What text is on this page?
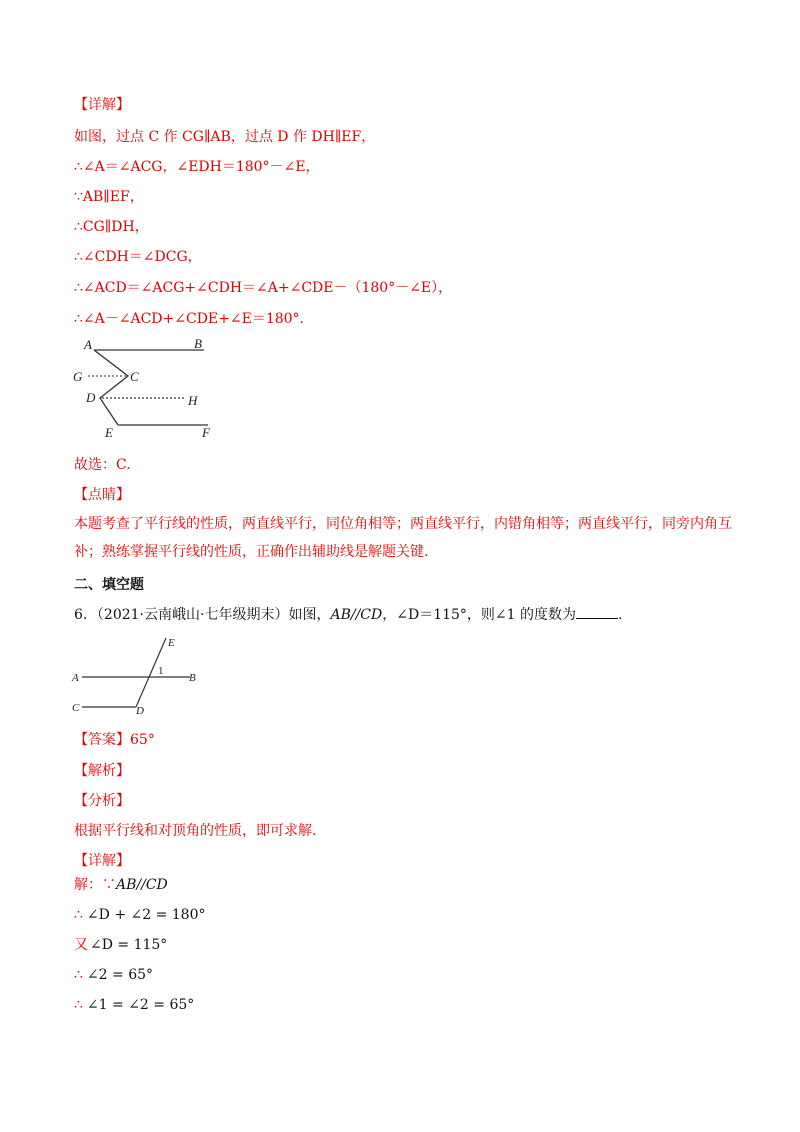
【详解】
如图，过点 C 作 CG∥AB，过点 D 作 DH∥EF，
∴∠A＝∠ACG，∠EDH＝180°－∠E，
∵AB∥EF，
∴CG∥DH，
∴∠CDH＝∠DCG，
∴∠ACD＝∠ACG+∠CDH＝∠A+∠CDE－（180°－∠E），
∴∠A－∠ACD+∠CDE+∠E＝180°.
A	B
G	C
D	H
E	F
故选：C.
【点睛】
本题考查了平行线的性质，两直线平行，同位角相等；两直线平行，内错角相等；两直线平行，同旁内角互补；熟练掌握平行线的性质，正确作出辅助线是解题关键.
二、填空题
6．（2021·云南峨山·七年级期末）如图，AB//CD，∠D＝115°，则∠1 的度数为	.
E
1
A	B
C	D
【答案】65°
【解析】
【分析】
根据平行线和对顶角的性质，即可求解.
【详解】
解：∵AB//CD
∴ ∠D + ∠2 = 180°
又 ∠D = 115°
∴ ∠2 = 65°
∴ ∠1 = ∠2 = 65°
